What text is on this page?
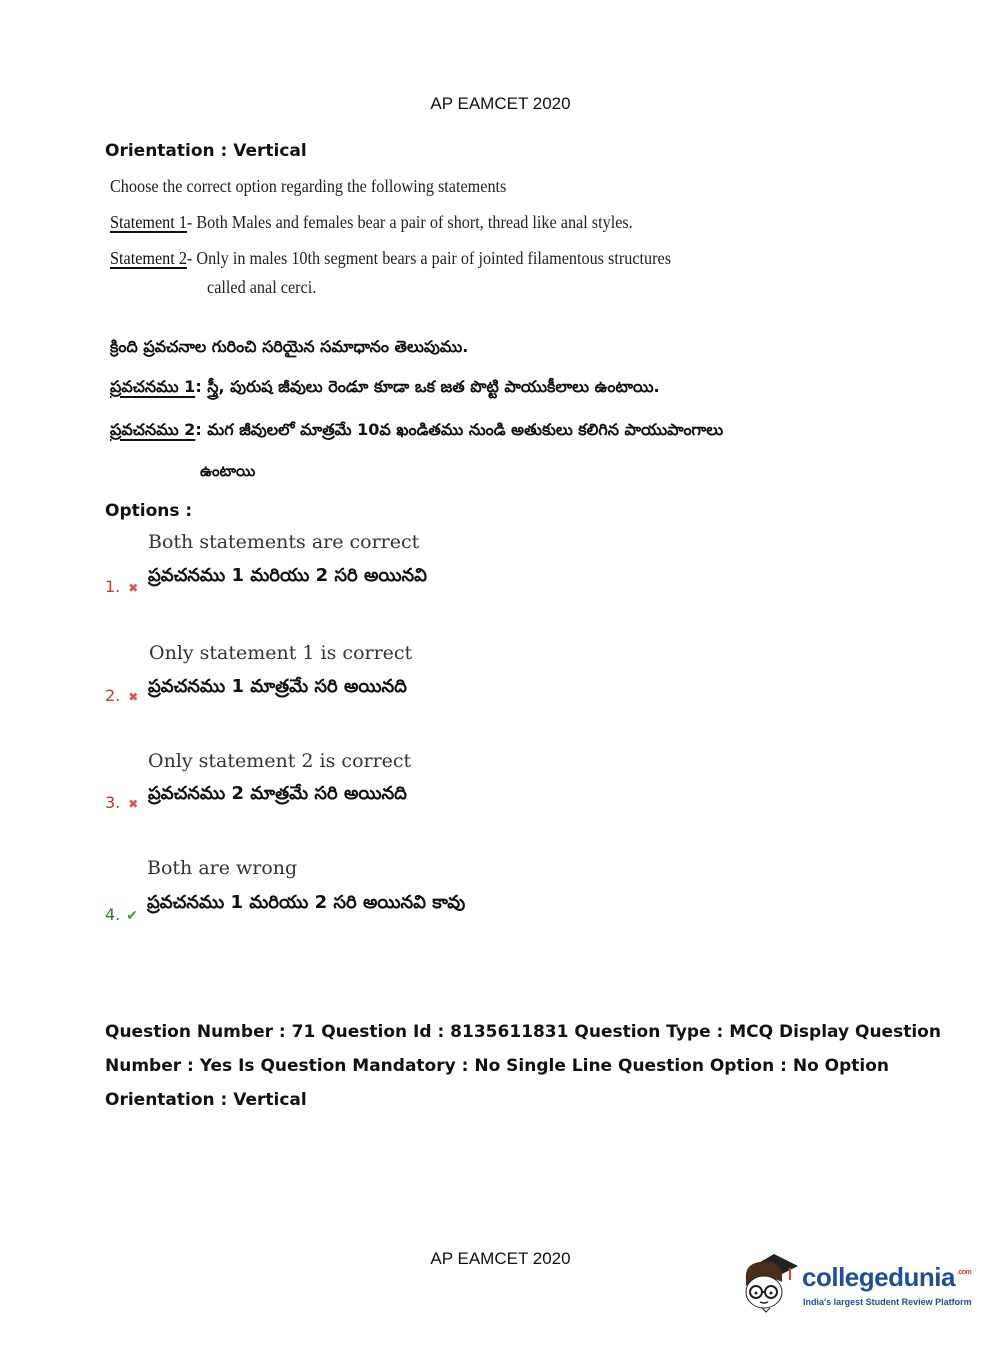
AP EAMCET 2020
Orientation : Vertical
Choose the correct option regarding the following statements
Statement 1- Both Males and females bear a pair of short, thread like anal styles.
Statement 2- Only in males 10th segment bears a pair of jointed filamentous structures
called anal cerci.
క్రింది ప్రవచనాల గురించి సరియైన సమాధానం తెలుపుము.
ప్రవచనము 1: స్త్రీ, పురుష జీవులు రెండూ కూడా ఒక జత పొట్టి పాయుకీలాలు ఉంటాయి.
ప్రవచనము 2: మగ జీవులలో మాత్రమే 10వ ఖండితము నుండి అతుకులు కలిగిన పాయుపాంగాలు
ఉంటాయి
Options :
Both statements are correct
ప్రవచనము 1 మరియు 2 సరి అయినవి
1. ✖
Only statement 1 is correct
ప్రవచనము 1 మాత్రమే సరి అయినది
2. ✖
Only statement 2 is correct
ప్రవచనము 2 మాత్రమే సరి అయినది
3. ✖
Both are wrong
ప్రవచనము 1 మరియు 2 సరి అయినవి కావు
4. ✔
Question Number : 71 Question Id : 8135611831 Question Type : MCQ Display Question
Number : Yes Is Question Mandatory : No Single Line Question Option : No Option
Orientation : Vertical
AP EAMCET 2020
collegedunia $^{.com}$
India's largest Student Review Platform
